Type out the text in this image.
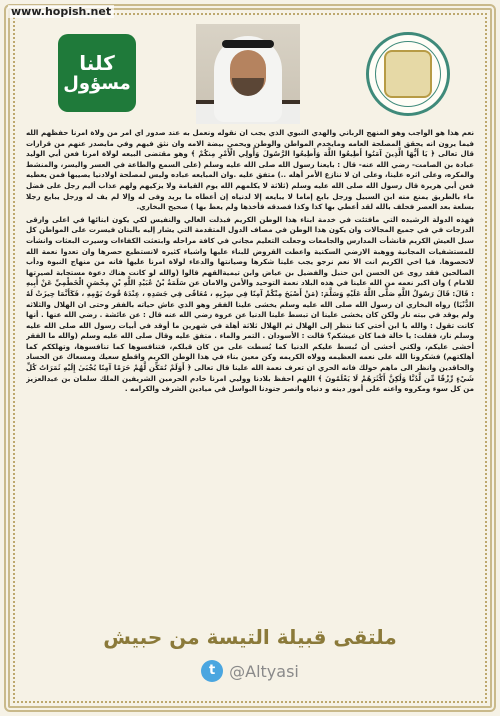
www.hopish.net
كلنا
مسؤول

نعم هذا هو الواجب وهو المنهج الرباني والهدي النبوي الذي يجب ان نقوله ونعمل به عند صدور اي امر من ولاة امرنا حفظهم الله فيما يرون انه يحقق المصلحة العامه ومايخدم المواطن والوطن ويحمي بيضة الامه وان نثق فيهم وفي مايصدر عنهم من قرارات قال تعالى ﴿ يَا أَيُّهَا الَّذِينَ آمَنُوا أَطِيعُوا اللَّهَ وَأَطِيعُوا الرَّسُولَ وَأُولِي الْأَمْرِ مِنكُمْ ﴾ وهو مقتضى البيعه لولاة امرنا فعن أبي الوليد عبادة بن الصامت- رضي الله عنه- قال : بايعنا رسول الله صلى الله عليه وسلم (على السمع والطاعة في العسر واليسر، والمنشط والمكره، وعلى اثره علينا، وعلى ان لا ننازع الأمر أهله ..) متفق عليه .وان المبايعه عباده وليس لمصلحة اولادنيا يصيبها فمن يعطيه فعن أبي هريرة قال رسول الله صلى الله عليه وسلم (ثلاثة لا يكلمهم الله يوم القيامة ولا يزكيهم ولهم عذاب أليم رجل على فضل ماء بالطريق يمنع منه ابن السبيل ورجل بايع إماما لا يبايعه إلا لدنياه إن أعطاه ما يريد وفى له وإلا لم يف له ورجل يبايع رجلا بسلعة بعد العصر فحلف بالله لقد أعطي بها كذا وكذا فصدقه فأخذها ولم يعط بها ) صحيح البخاري.

فهذه الدولة الرشيده التي مافتئت في خدمة ابناء هذا الوطن الكريم فبذلت الغالي والنفيس لكي يكون ابنائها في اعلى وارقى الدرجات في في جميع المجالات وان يكون هذا الوطن في مصاف الدول المتقدمة التي يشار إليه بالبنان فيسرت على المواطن كل سبل العيش الكريم فانشأت المدارس والجامعات وجعلت التعليم مجاني في كافة مراحله وابتعثت الكفاءات وسيرت البعثات وانشأت للمستشفيات المجانية ووهبة الارضي السكنية واعطت القروض للبناء عليها واشياء كثيره لانستطيع حصرها وان تعدوا نعمة الله لاتحصوها. فيا اخي الكريم انت الا نعم نرجو يجب علينا شكرها وصيانتها والدعاء لولاة امرنا عليها فانه من منهاج النبوة ودأب الصالحين فقد روى عن الحسن ابن حنبل والفضيل بن عياض وابن تيميةالقهم قالوا (والله لو كانت هناك دعوة مستجابة لصيرتها للامام ) وان اكبر نعمه من الله علينا في هذه البلاد نعمة التوحيد والأمن والامان عن سَلَمَةُ بْنُ عُبَيْدِ اللَّهِ بْنِ مِحْصَنٍ الْخَطْمِيِّ عَنْ أَبِيهِ : قَالَ: قَالَ رَسُولُ اللَّهِ صَلَّى اللَّهُ عَلَيْهِ وَسَلَّمَ: (مَنْ أَصْبَحَ مِنْكُمْ آمِنًا فِي سِرْبِهِ ، مُعَافًى فِي جَسَدِهِ ، عِنْدَهُ قُوتُ يَوْمِهِ ، فَكَأَنَّمَا حِيزَتْ لَهُ الدُّنْيَا) رواه البخاري ان رسول الله صلى الله عليه وسلم يخشى علينا الفقر وهو الذي عاش حياته بالفقر وحتى ان الهلال والثلاثه ولم يوقد في بيته نار ولكن كان يخشى علينا ان تبسط علينا الدنيا عن عروة رضي الله عنه قال : عن عائشة . رضي الله عنها . أنها كانت تقول : والله يا ابن أختي كنا ننظر إلى الهلال ثم الهلال ثلاثة أهلة في شهرين ما أوقد في أبيات رسول الله صلى الله عليه وسلم نار، فقلت: يا خالة فما كان عيشكم؟ قالت : الأسودان . التمر والماء . متفق عليه وقال صلى الله عليه وسلم (والله ما الفقر أخشى عليكم، ولكني أخشى أن تُبسط عليكم الدنيا كما بُسطت على من كان قبلكم، فتنافسوها كما تنافسوها، وتهلككم كما أهلكتهم) فشكرونا الله على نعمه العظيمه وولاه الكريمه وكن معين بناء في هذا الوطن الكريم واقطع سعيك ومسعاك عن الحساد والحاقدين وانظر الى ماهم حولك فانه الحري ان تعرف نعمة الله علينا قال تعالى ﴿ أَوَلَمْ نُمَكِّن لَّهُمْ حَرَمًا آمِنًا يُجْبَىٰ إِلَيْهِ ثَمَرَاتُ كُلِّ شَيْءٍ رِّزْقًا مِّن لَّدُنَّا وَلَٰكِنَّ أَكْثَرَهُمْ لَا يَعْلَمُونَ ﴾ اللهم احفظ بلادنا ووليي امرنا خادم الحرمين الشريفين الملك سلمان بن عبدالعزيز من كل سوء ومكروه واعنه على أمور دينه و دنياه وانصر جنودنا البواسل في ميادين الشرف والكرامه .

ملتقى قبيلة التيسة من حبيش
t @Altyasi
